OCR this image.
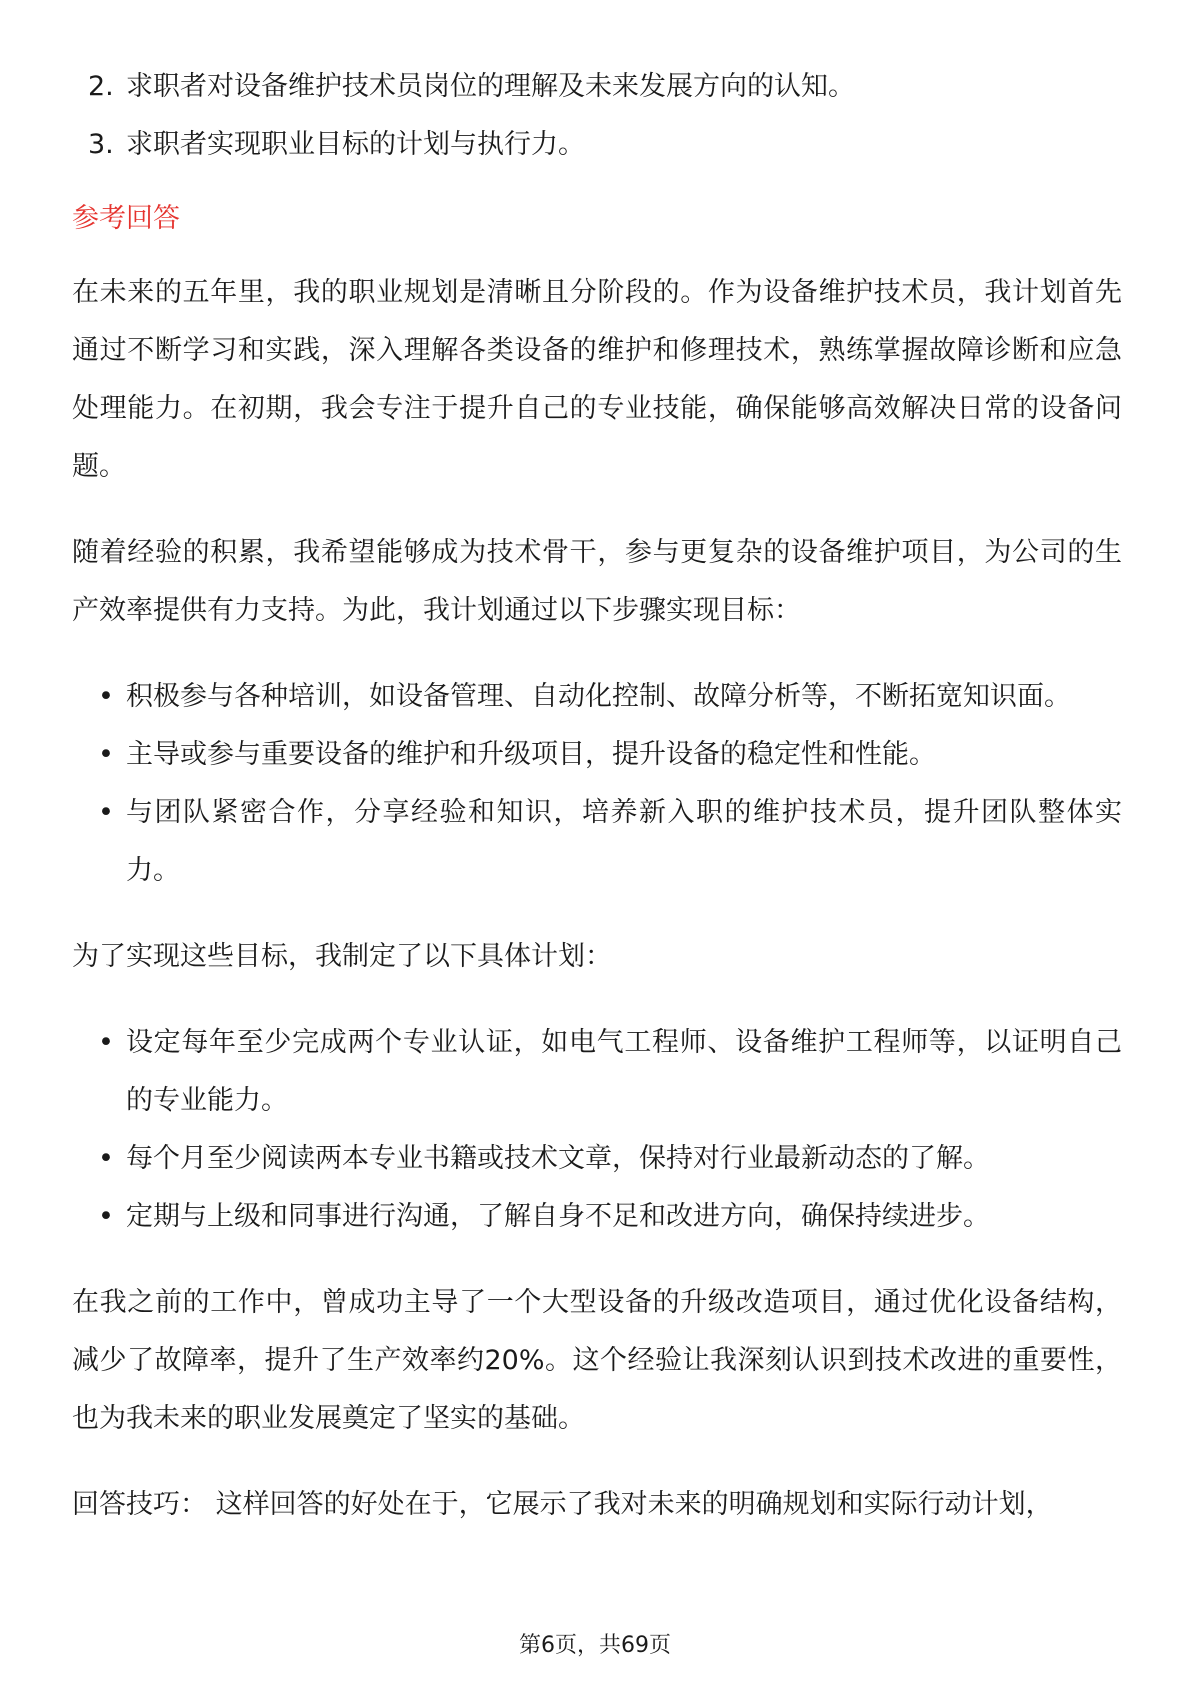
2. 求职者对设备维护技术员岗位的理解及未来发展方向的认知。
3. 求职者实现职业目标的计划与执行力。
参考回答

在未来的五年里，我的职业规划是清晰且分阶段的。作为设备维护技术员，我计划首先通过不断学习和实践，深入理解各类设备的维护和修理技术，熟练掌握故障诊断和应急处理能力。在初期，我会专注于提升自己的专业技能，确保能够高效解决日常的设备问题。

随着经验的积累，我希望能够成为技术骨干，参与更复杂的设备维护项目，为公司的生产效率提供有力支持。为此，我计划通过以下步骤实现目标：

• 积极参与各种培训，如设备管理、自动化控制、故障分析等，不断拓宽知识面。
• 主导或参与重要设备的维护和升级项目，提升设备的稳定性和性能。
• 与团队紧密合作，分享经验和知识，培养新入职的维护技术员，提升团队整体实力。

为了实现这些目标，我制定了以下具体计划：

• 设定每年至少完成两个专业认证，如电气工程师、设备维护工程师等，以证明自己的专业能力。
• 每个月至少阅读两本专业书籍或技术文章，保持对行业最新动态的了解。
• 定期与上级和同事进行沟通，了解自身不足和改进方向，确保持续进步。

在我之前的工作中，曾成功主导了一个大型设备的升级改造项目，通过优化设备结构，减少了故障率，提升了生产效率约20%。这个经验让我深刻认识到技术改进的重要性，也为我未来的职业发展奠定了坚实的基础。

回答技巧： 这样回答的好处在于，它展示了我对未来的明确规划和实际行动计划，

第6页，共69页
